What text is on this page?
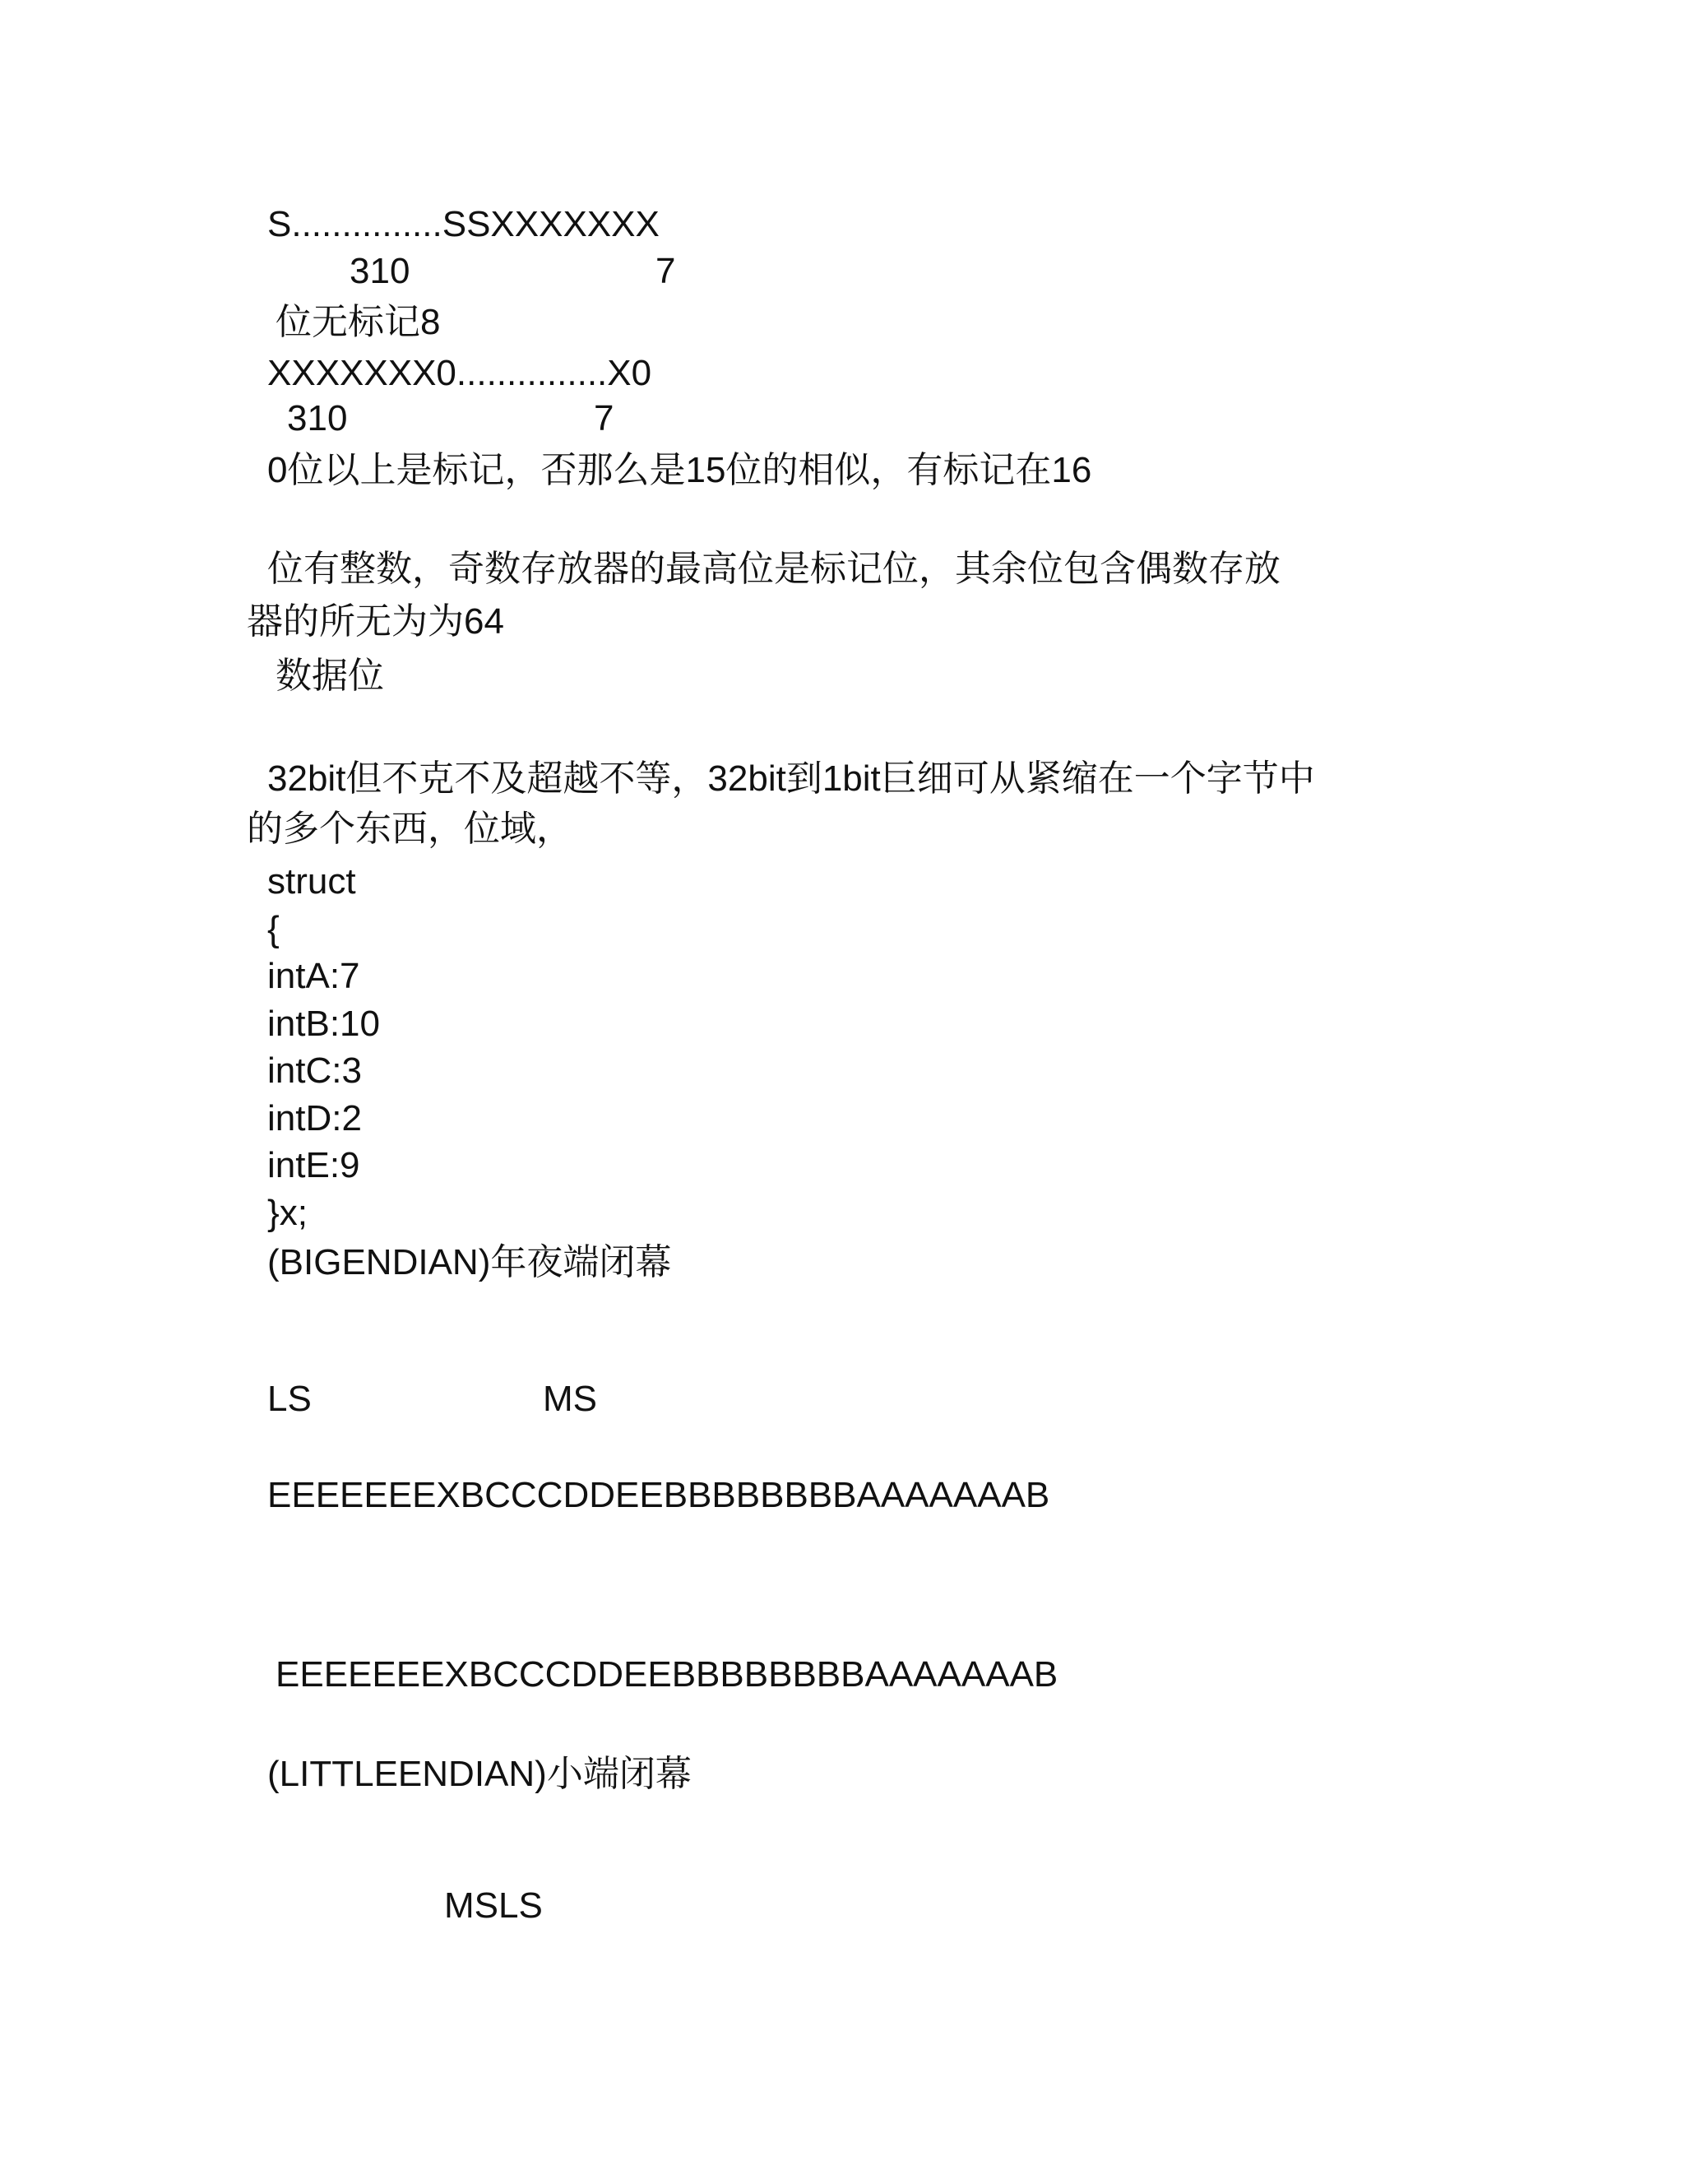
S...............SSXXXXXXX

310	7

位无标记8

XXXXXXX0...............X0

310	7

0位以上是标记，否那么是15位的相似，有标记在16

位有整数，奇数存放器的最高位是标记位，其余位包含偶数存放

器的所无为为64

数据位

32bit但不克不及超越不等，32bit到1bit巨细可从紧缩在一个字节中

的多个东西，位域，

struct

{

intA:7

intB:10

intC:3

intD:2

intE:9

}x;

(BIGENDIAN)年夜端闭幕

LS	MS

EEEEEEEXBCCCDDEEBBBBBBBBAAAAAAAB

EEEEEEEXBCCCDDEEBBBBBBBBAAAAAAAB

(LITTLEENDIAN)小端闭幕

MSLS
